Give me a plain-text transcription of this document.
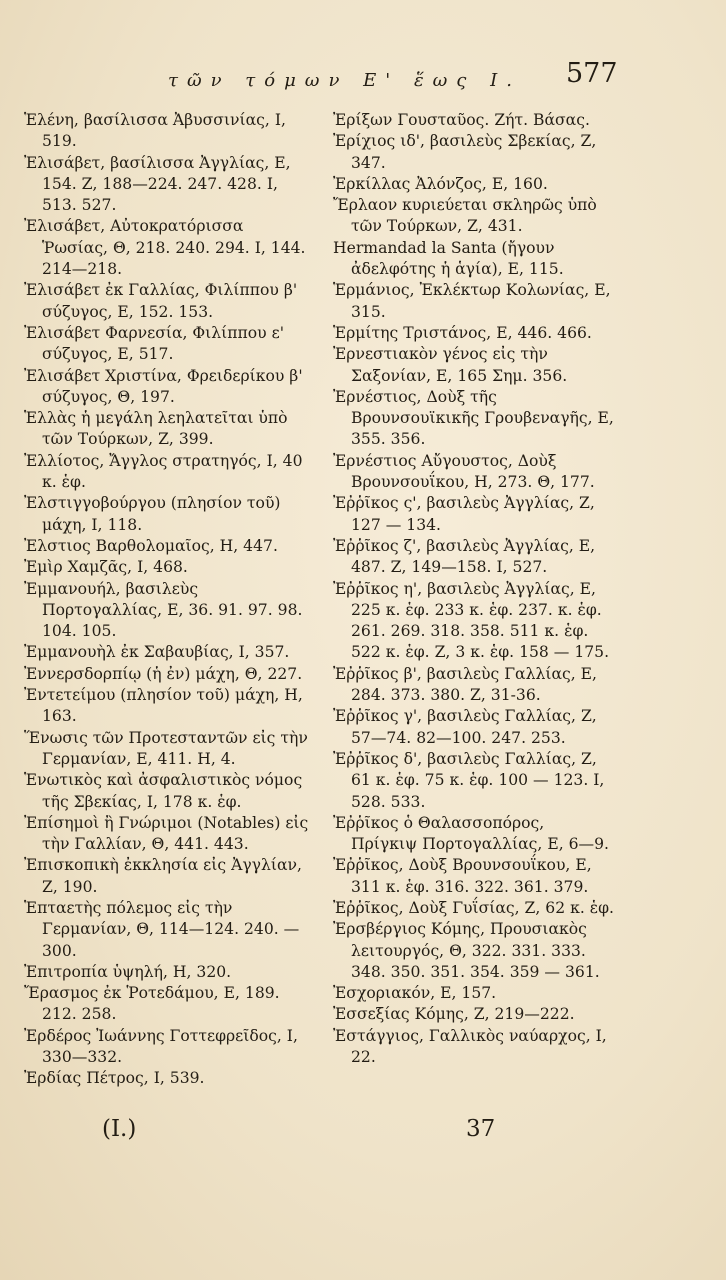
τῶν τόμων Ε' ἕως Ι. 577

Ἑλένη, βασίλισσα Ἀβυσσινίας, Ι, 519.

Ἐλισάβετ, βασίλισσα Ἀγγλίας, Ε, 154. Ζ, 188—224. 247. 428. Ι, 513. 527.

Ἐλισάβετ, Αὐτοκρατόρισσα Ῥωσίας, Θ, 218. 240. 294. Ι, 144. 214—218.

Ἐλισάβετ ἐκ Γαλλίας, Φιλίππου β' σύζυγος, Ε, 152. 153.

Ἐλισάβετ Φαρνεσία, Φιλίππου ε' σύζυγος, Ε, 517.

Ἐλισάβετ Χριστίνα, Φρειδερίκου β' σύζυγος, Θ, 197.

Ἑλλὰς ἡ μεγάλη λεηλατεῖται ὑπὸ τῶν Τούρκων, Ζ, 399.

Ἐλλίοτος, Ἄγγλος στρατηγός, Ι, 40 κ. ἑφ.

Ἐλστιγγοβούργου (πλησίον τοῦ) μάχη, Ι, 118.

Ἐλστιος Βαρθολομαῖος, Η, 447.

Ἐμὶρ Χαμζᾶς, Ι, 468.

Ἐμμανουήλ, βασιλεὺς Πορτογαλλίας, Ε, 36. 91. 97. 98. 104. 105.

Ἐμμανουὴλ ἐκ Σαβαυβίας, Ι, 357.

Ἐννερσδορπίῳ (ἡ ἐν) μάχη, Θ, 227.

Ἐντετείμου (πλησίον τοῦ) μάχη, Η, 163.

Ἕνωσις τῶν Προτεσταντῶν εἰς τὴν Γερμανίαν, Ε, 411. Η, 4.

Ἑνωτικὸς καὶ ἀσφαλιστικὸς νόμος τῆς Σβεκίας, Ι, 178 κ. ἑφ.

Ἐπίσημοὶ ἢ Γνώριμοι (Notables) εἰς τὴν Γαλλίαν, Θ, 441. 443.

Ἐπισκοπικὴ ἐκκλησία εἰς Ἀγγλίαν, Ζ, 190.

Ἑπταετὴς πόλεμος εἰς τὴν Γερμανίαν, Θ, 114—124. 240. — 300.

Ἐπιτροπία ὑψηλή, Η, 320.

Ἔρασμος ἐκ Ῥοτεδάμου, Ε, 189. 212. 258.

Ἐρδέρος Ἰωάννης Γοττεφρεῖδος, Ι, 330—332.

Ἐρδίας Πέτρος, Ι, 539.

Ἐρίξων Γουσταῦος. Ζήτ. Βάσας.

Ἐρίχιος ιδ', βασιλεὺς Σβεκίας, Ζ, 347.

Ἐρκίλλας Ἀλόνζος, Ε, 160.

Ἔρλαον κυριεύεται σκληρῶς ὑπὸ τῶν Τούρκων, Ζ, 431.

Hermandad la Santa (ἤγουν ἀδελφότης ἡ ἁγία), Ε, 115.

Ἑρμάνιος, Ἐκλέκτωρ Κολωνίας, Ε, 315.

Ἑρμίτης Τριστάνος, Ε, 446. 466.

Ἐρνεστιακὸν γένος εἰς τὴν Σαξονίαν, Ε, 165 Σημ. 356.

Ἐρνέστιος, Δοὺξ τῆς Βρουνσουϊκικῆς Γρουβεναγῆς, Ε, 355. 356.

Ἐρνέστιος Αὔγουστος, Δοὺξ Βρουνσουΐκου, Η, 273. Θ, 177.

Ἐῤῥῖκος ς', βασιλεὺς Ἀγγλίας, Ζ, 127 — 134.

Ἐῤῥῖκος ζ', βασιλεὺς Ἀγγλίας, Ε, 487. Ζ, 149—158. Ι, 527.

Ἐῤῥῖκος η', βασιλεὺς Ἀγγλίας, Ε, 225 κ. ἑφ. 233 κ. ἑφ. 237. κ. ἑφ. 261. 269. 318. 358. 511 κ. ἑφ. 522 κ. ἑφ. Ζ, 3 κ. ἑφ. 158 — 175.

Ἐῤῥῖκος β', βασιλεὺς Γαλλίας, Ε, 284. 373. 380. Ζ, 31-36.

Ἐῤῥῖκος γ', βασιλεὺς Γαλλίας, Ζ, 57—74. 82—100. 247. 253.

Ἐῤῥῖκος δ', βασιλεὺς Γαλλίας, Ζ, 61 κ. ἑφ. 75 κ. ἑφ. 100 — 123. Ι, 528. 533.

Ἐῤῥῖκος ὁ Θαλασσοπόρος, Πρίγκιψ Πορτογαλλίας, Ε, 6—9.

Ἐῤῥῖκος, Δοὺξ Βρουνσουΐκου, Ε, 311 κ. ἑφ. 316. 322. 361. 379.

Ἐῤῥῖκος, Δοὺξ Γυΐσίας, Ζ, 62 κ. ἑφ.

Ἐρσβέργιος Κόμης, Προυσιακὸς λειτουργός, Θ, 322. 331. 333. 348. 350. 351. 354. 359 — 361.

Ἐσχοριακόν, Ε, 157.

Ἐσσεξίας Κόμης, Ζ, 219—222.

Ἐστάγγιος, Γαλλικὸς ναύαρχος, Ι, 22.

(I.)	37
